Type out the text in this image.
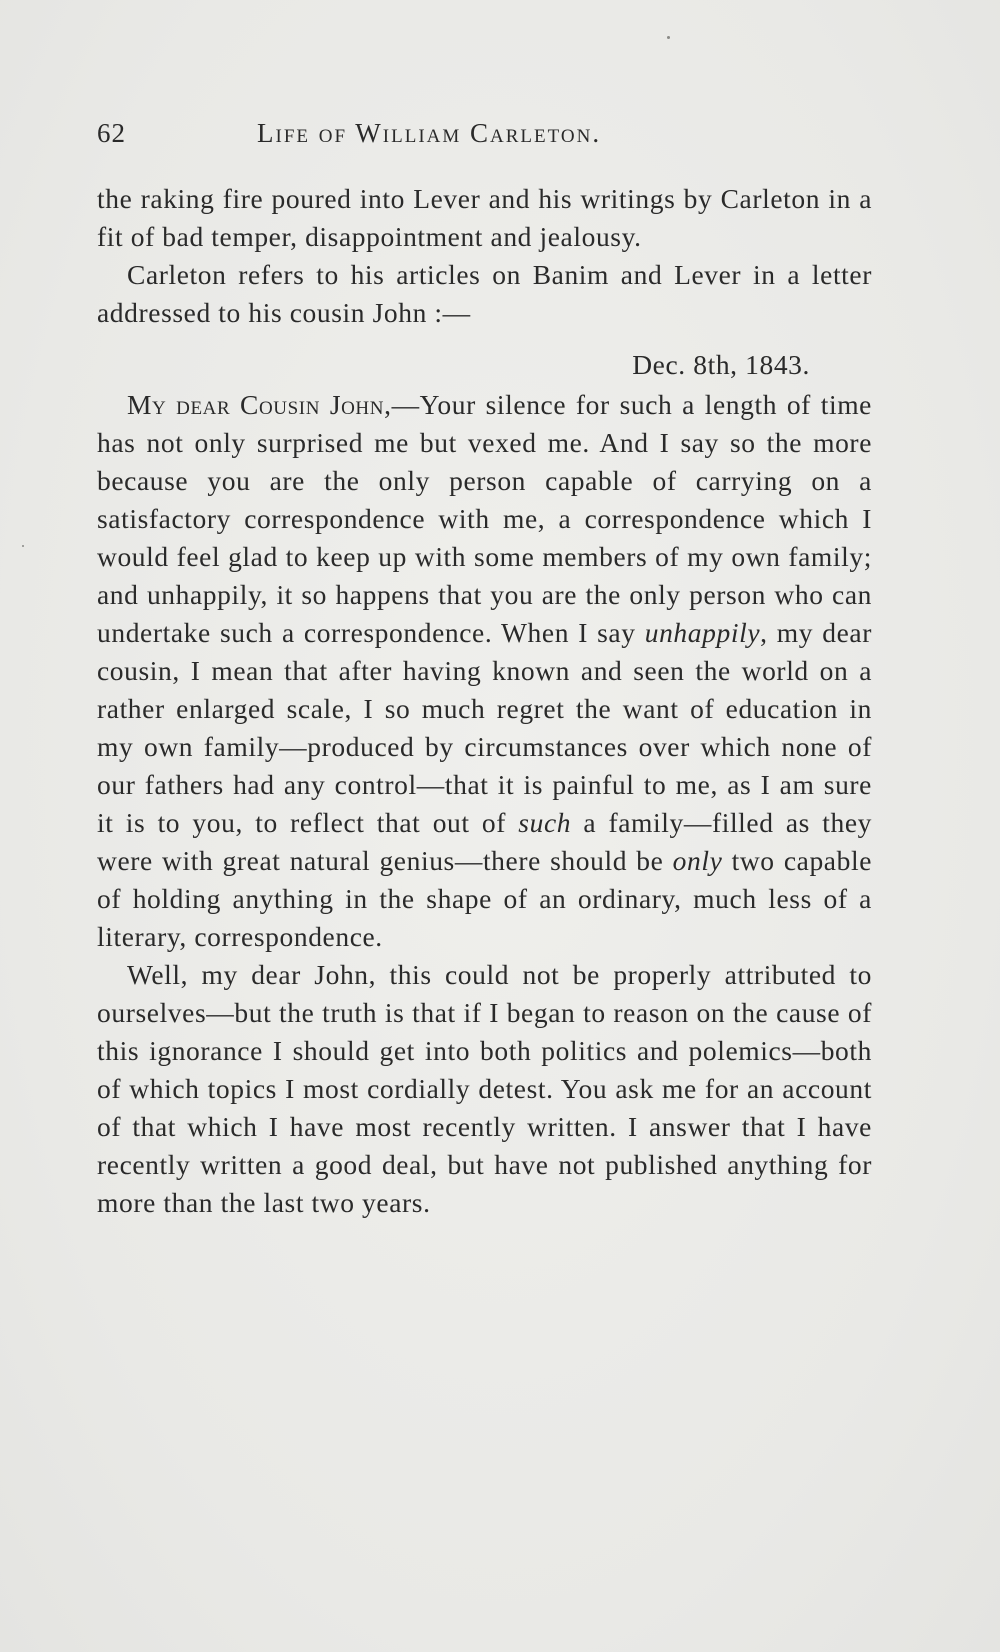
62	Life of William Carleton.

the raking fire poured into Lever and his writings by Carleton in a fit of bad temper, disappointment and jealousy.

Carleton refers to his articles on Banim and Lever in a letter addressed to his cousin John :—

Dec. 8th, 1843.

My dear Cousin John,—Your silence for such a length of time has not only surprised me but vexed me. And I say so the more because you are the only person capable of carrying on a satisfactory correspondence with me, a correspondence which I would feel glad to keep up with some members of my own family; and unhappily, it so happens that you are the only person who can undertake such a correspondence. When I say unhappily, my dear cousin, I mean that after having known and seen the world on a rather enlarged scale, I so much regret the want of education in my own family—produced by circumstances over which none of our fathers had any control—that it is painful to me, as I am sure it is to you, to reflect that out of such a family—filled as they were with great natural genius—there should be only two capable of holding anything in the shape of an ordinary, much less of a literary, correspondence.

Well, my dear John, this could not be properly attributed to ourselves—but the truth is that if I began to reason on the cause of this ignorance I should get into both politics and polemics—both of which topics I most cordially detest. You ask me for an account of that which I have most recently written. I answer that I have recently written a good deal, but have not published anything for more than the last two years.
